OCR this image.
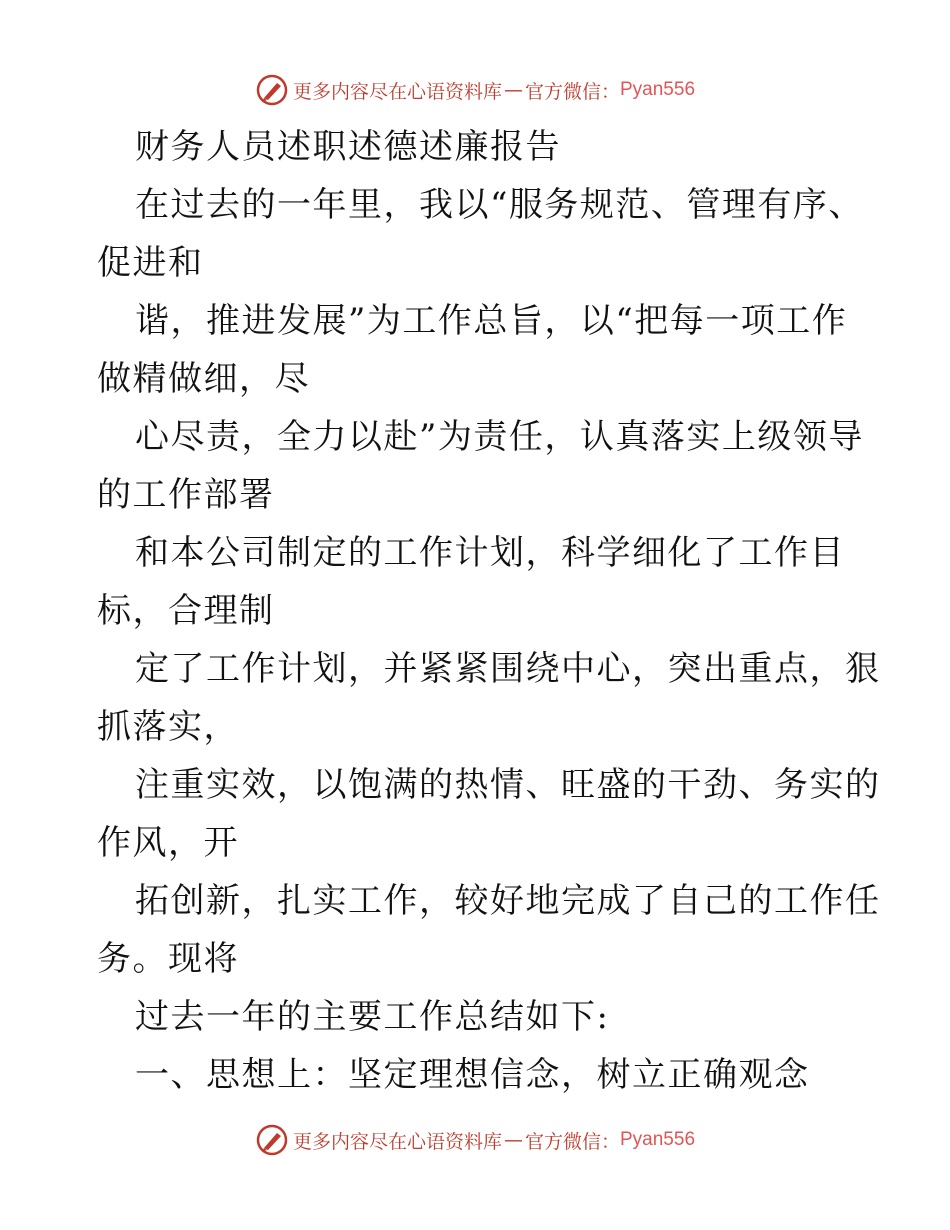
更多内容尽在心语资料库 — 官方微信： Pyan556
财务人员述职述德述廉报告
在过去的一年里，我以“服务规范、管理有序、
促进和
谐，推进发展”为工作总旨，以“把每一项工作
做精做细，尽
心尽责，全力以赴”为责任，认真落实上级领导
的工作部署
和本公司制定的工作计划，科学细化了工作目
标，合理制
定了工作计划，并紧紧围绕中心，突出重点，狠
抓落实，
注重实效，以饱满的热情、旺盛的干劲、务实的
作风，开
拓创新，扎实工作，较好地完成了自己的工作任
务。现将
过去一年的主要工作总结如下:
一、思想上：坚定理想信念，树立正确观念
更多内容尽在心语资料库 — 官方微信： Pyan556
